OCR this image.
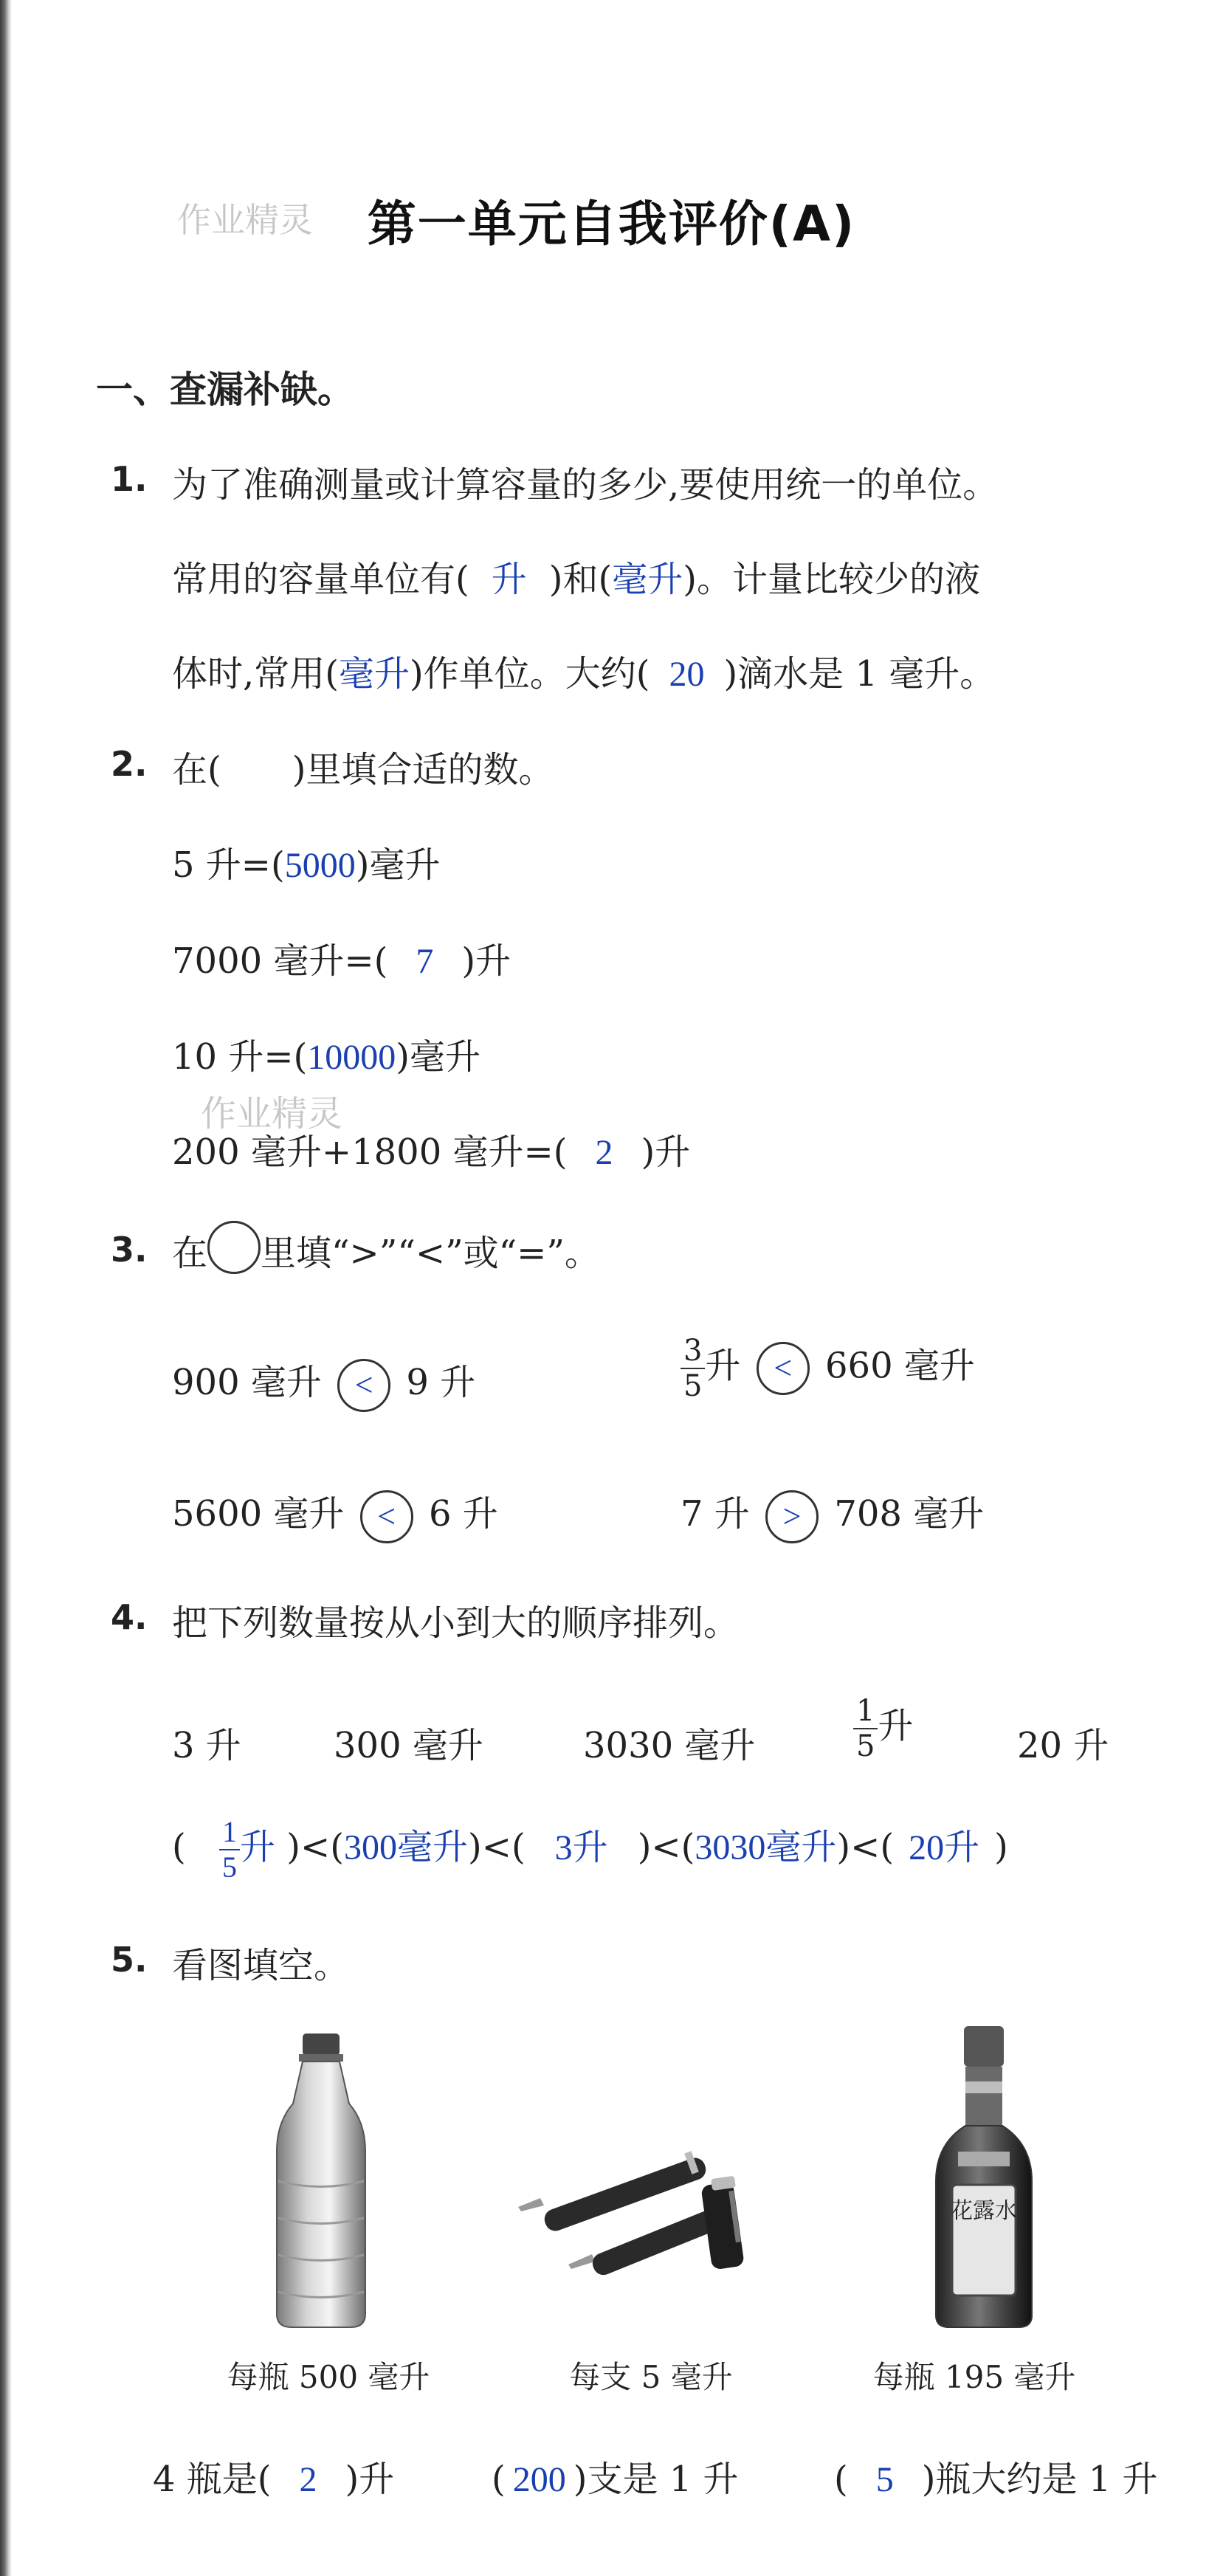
作业精灵	第一单元自我评价(A)
一、查漏补缺。
1. 为了准确测量或计算容量的多少,要使用统一的单位。
常用的容量单位有( 升 )和(毫升)。计量比较少的液
体时,常用(毫升)作单位。大约( 20 )滴水是 1 毫升。
2. 在(　　)里填合适的数。
5 升=(5000)毫升
7000 毫升=( 7 )升
作业精灵
10 升=(10000)毫升
200 毫升+1800 毫升=( 2 )升
3. 在 里填“>”“<”或“=”。
900 毫升 < 9 升	$\frac{3}{5}$ 升 < 660 毫升
5600 毫升 < 6 升	7 升 > 708 毫升
4. 把下列数量按从小到大的顺序排列。
3 升	300 毫升	3030 毫升	$\frac{1}{5}$ 升	20 升
( $\frac{1}{5}$ 升 )<(300毫升)<( 3升 )<(3030毫升)<( 20升 )
5. 看图填空。
花露水
每瓶 500 毫升	每支 5 毫升	每瓶 195 毫升
4 瓶是( 2 )升	( 200 )支是 1 升	( 5 )瓶大约是 1 升
